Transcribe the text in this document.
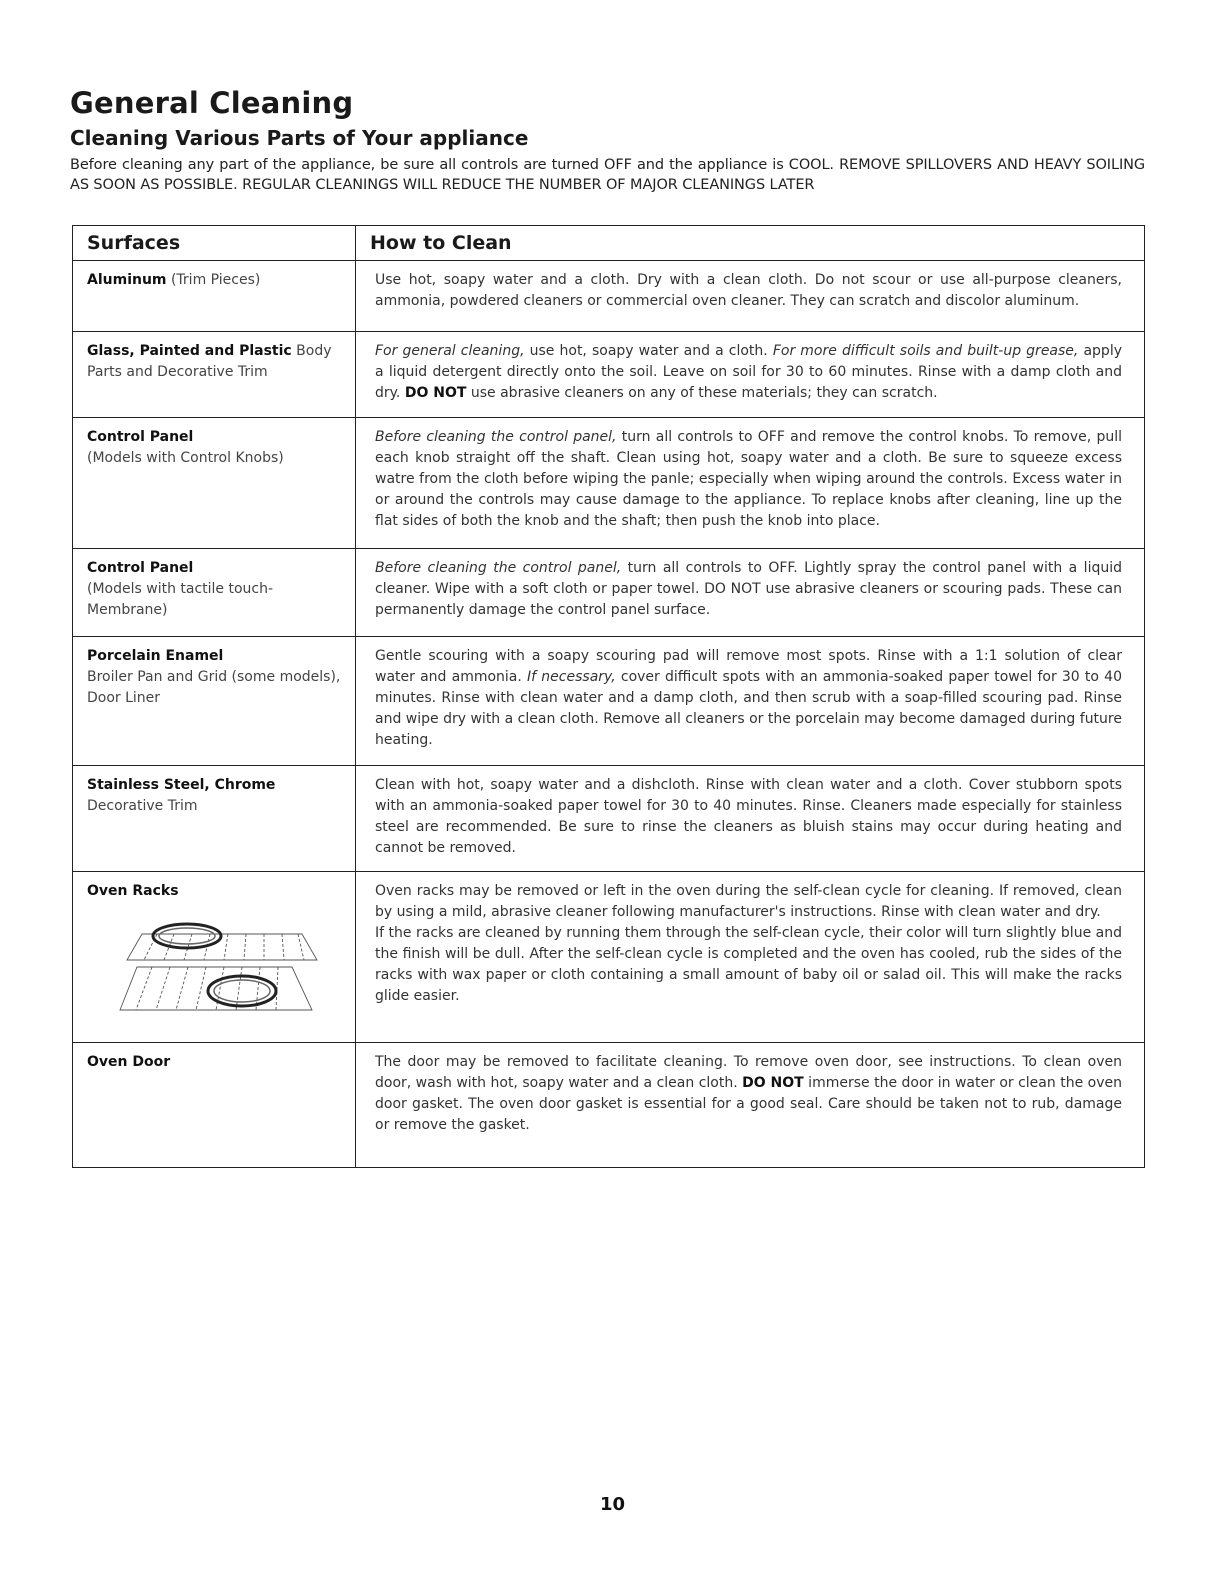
General Cleaning
Cleaning Various Parts of Your appliance

Before cleaning any part of the appliance, be sure all controls are turned OFF and the appliance is COOL. REMOVE SPILLOVERS AND HEAVY SOILING AS SOON AS POSSIBLE. REGULAR CLEANINGS WILL REDUCE THE NUMBER OF MAJOR CLEANINGS LATER

Surfaces	How to Clean
Aluminum (Trim Pieces)	Use hot, soapy water and a cloth. Dry with a clean cloth. Do not scour or use all-purpose cleaners, ammonia, powdered cleaners or commercial oven cleaner. They can scratch and discolor aluminum.
Glass, Painted and Plastic Body Parts and Decorative Trim	For general cleaning, use hot, soapy water and a cloth. For more difficult soils and built-up grease, apply a liquid detergent directly onto the soil. Leave on soil for 30 to 60 minutes. Rinse with a damp cloth and dry. DO NOT use abrasive cleaners on any of these materials; they can scratch.

Control Panel
(Models with Control Knobs)	Before cleaning the control panel, turn all controls to OFF and remove the control knobs. To remove, pull each knob straight off the shaft. Clean using hot, soapy water and a cloth. Be sure to squeeze excess watre from the cloth before wiping the panle; especially when wiping around the controls. Excess water in or around the controls may cause damage to the appliance. To replace knobs after cleaning, line up the flat sides of both the knob and the shaft; then push the knob into place.

Control Panel
(Models with tactile touch-Membrane)	Before cleaning the control panel, turn all controls to OFF. Lightly spray the control panel with a liquid cleaner. Wipe with a soft cloth or paper towel. DO NOT use abrasive cleaners or scouring pads. These can permanently damage the control panel surface.

Porcelain Enamel
Broiler Pan and Grid (some models), Door Liner	Gentle scouring with a soapy scouring pad will remove most spots. Rinse with a 1:1 solution of clear water and ammonia. If necessary, cover difficult spots with an ammonia-soaked paper towel for 30 to 40 minutes. Rinse with clean water and a damp cloth, and then scrub with a soap-filled scouring pad. Rinse and wipe dry with a clean cloth. Remove all cleaners or the porcelain may become damaged during future heating.

Stainless Steel, Chrome
Decorative Trim	Clean with hot, soapy water and a dishcloth. Rinse with clean water and a cloth. Cover stubborn spots with an ammonia-soaked paper towel for 30 to 40 minutes. Rinse. Cleaners made especially for stainless steel are recommended. Be sure to rinse the cleaners as bluish stains may occur during heating and cannot be removed.

Oven Racks	Oven racks may be removed or left in the oven during the self-clean cycle for cleaning. If removed, clean by using a mild, abrasive cleaner following manufacturer's instructions. Rinse with clean water and dry.
If the racks are cleaned by running them through the self-clean cycle, their color will turn slightly blue and the finish will be dull. After the self-clean cycle is completed and the oven has cooled, rub the sides of the racks with wax paper or cloth containing a small amount of baby oil or salad oil. This will make the racks glide easier.

Oven Door	The door may be removed to facilitate cleaning. To remove oven door, see instructions. To clean oven door, wash with hot, soapy water and a clean cloth. DO NOT immerse the door in water or clean the oven door gasket. The oven door gasket is essential for a good seal. Care should be taken not to rub, damage or remove the gasket.

10
